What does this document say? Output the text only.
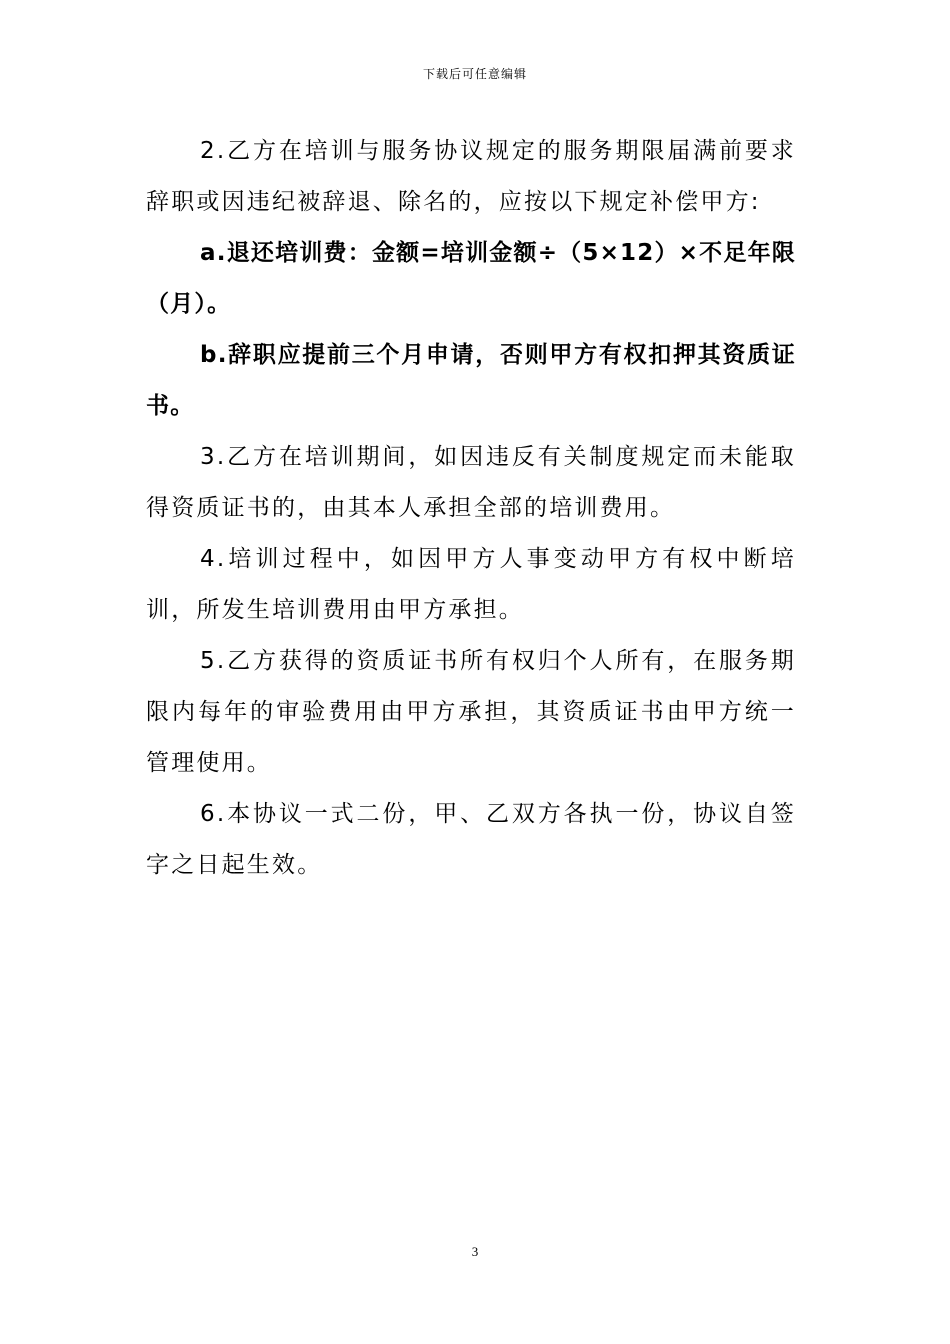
下载后可任意编辑

2.乙方在培训与服务协议规定的服务期限届满前要求辞职或因违纪被辞退、除名的，应按以下规定补偿甲方:

a.退还培训费：金额=培训金额÷（5×12）×不足年限（月）。

b.辞职应提前三个月申请，否则甲方有权扣押其资质证书。

3.乙方在培训期间，如因违反有关制度规定而未能取得资质证书的，由其本人承担全部的培训费用。

4.培训过程中，如因甲方人事变动甲方有权中断培训，所发生培训费用由甲方承担。

5.乙方获得的资质证书所有权归个人所有，在服务期限内每年的审验费用由甲方承担，其资质证书由甲方统一管理使用。

6.本协议一式二份，甲、乙双方各执一份，协议自签字之日起生效。

3
